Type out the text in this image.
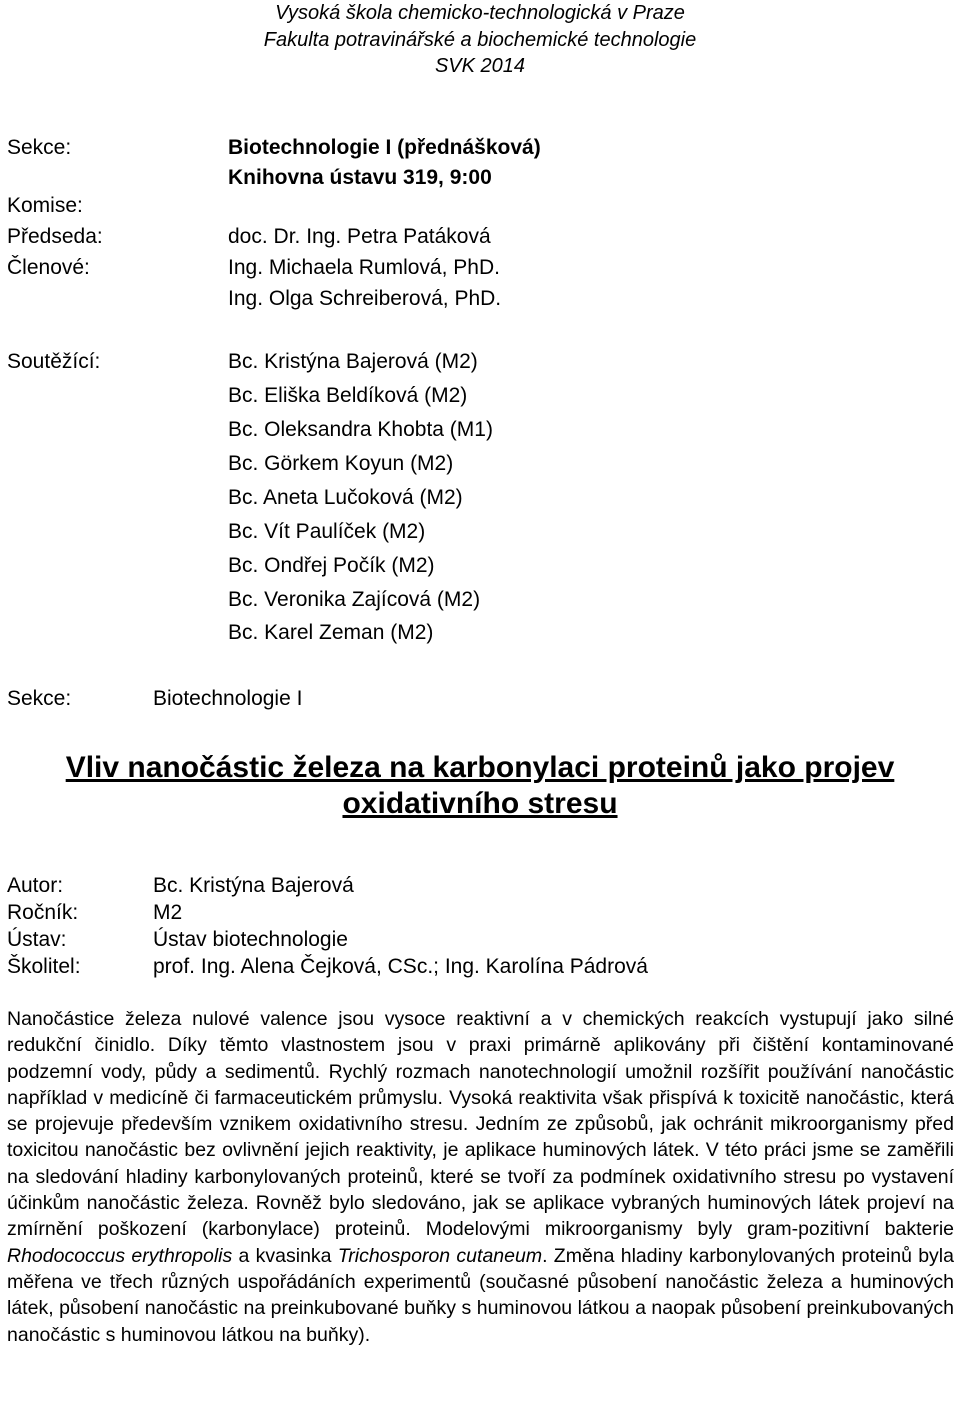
Vysoká škola chemicko-technologická v Praze
Fakulta potravinářské a biochemické technologie
SVK 2014
Sekce:	Biotechnologie I (přednášková)
Knihovna ústavu 319, 9:00
Komise:
Předseda:	doc. Dr. Ing. Petra Patáková
Členové:	Ing. Michaela Rumlová, PhD.
Ing. Olga Schreiberová, PhD.
Soutěžící:	Bc. Kristýna Bajerová (M2)
Bc. Eliška Beldíková (M2)
Bc. Oleksandra Khobta (M1)
Bc. Görkem Koyun (M2)
Bc. Aneta Lučoková (M2)
Bc. Vít Paulíček (M2)
Bc. Ondřej Počík (M2)
Bc. Veronika Zajícová (M2)
Bc. Karel Zeman (M2)
Sekce:	Biotechnologie I
Vliv nanočástic železa na karbonylaci proteinů jako projev
oxidativního stresu
Autor:	Bc. Kristýna Bajerová
Ročník:	M2
Ústav:	Ústav biotechnologie
Školitel:	prof. Ing. Alena Čejková, CSc.; Ing. Karolína Pádrová

Nanočástice železa nulové valence jsou vysoce reaktivní a v chemických reakcích vystupují jako silné redukční činidlo. Díky těmto vlastnostem jsou v praxi primárně aplikovány při čištění kontaminované podzemní vody, půdy a sedimentů. Rychlý rozmach nanotechnologií umožnil rozšířit používání nanočástic například v medicíně či farmaceutickém průmyslu. Vysoká reaktivita však přispívá k toxicitě nanočástic, která se projevuje především vznikem oxidativního stresu. Jedním ze způsobů, jak ochránit mikroorganismy před toxicitou nanočástic bez ovlivnění jejich reaktivity, je aplikace huminových látek. V této práci jsme se zaměřili na sledování hladiny karbonylovaných proteinů, které se tvoří za podmínek oxidativního stresu po vystavení účinkům nanočástic železa. Rovněž bylo sledováno, jak se aplikace vybraných huminových látek projeví na zmírnění poškození (karbonylace) proteinů. Modelovými mikroorganismy byly gram-pozitivní bakterie Rhodococcus erythropolis a kvasinka Trichosporon cutaneum. Změna hladiny karbonylovaných proteinů byla měřena ve třech různých uspořádáních experimentů (současné působení nanočástic železa a huminových látek, působení nanočástic na preinkubované buňky s huminovou látkou a naopak působení preinkubovaných nanočástic s huminovou látkou na buňky).
